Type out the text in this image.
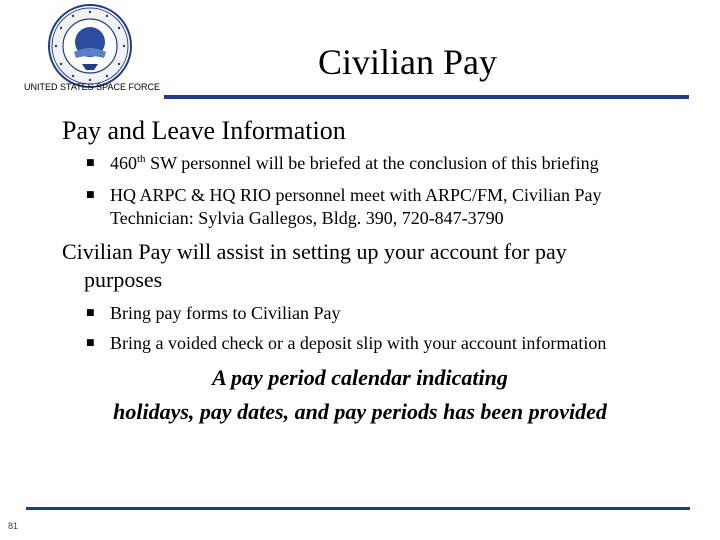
UNITED STATES SPACE FORCE
Civilian Pay
Pay and Leave Information
■ 460th SW personnel will be briefed at the conclusion of this briefing
■ HQ ARPC & HQ RIO personnel meet with ARPC/FM, Civilian Pay
Technician: Sylvia Gallegos, Bldg. 390, 720-847-3790
Civilian Pay will assist in setting up your account for pay
purposes
■ Bring pay forms to Civilian Pay
■ Bring a voided check or a deposit slip with your account information
A pay period calendar indicating
holidays, pay dates, and pay periods has been provided
81
